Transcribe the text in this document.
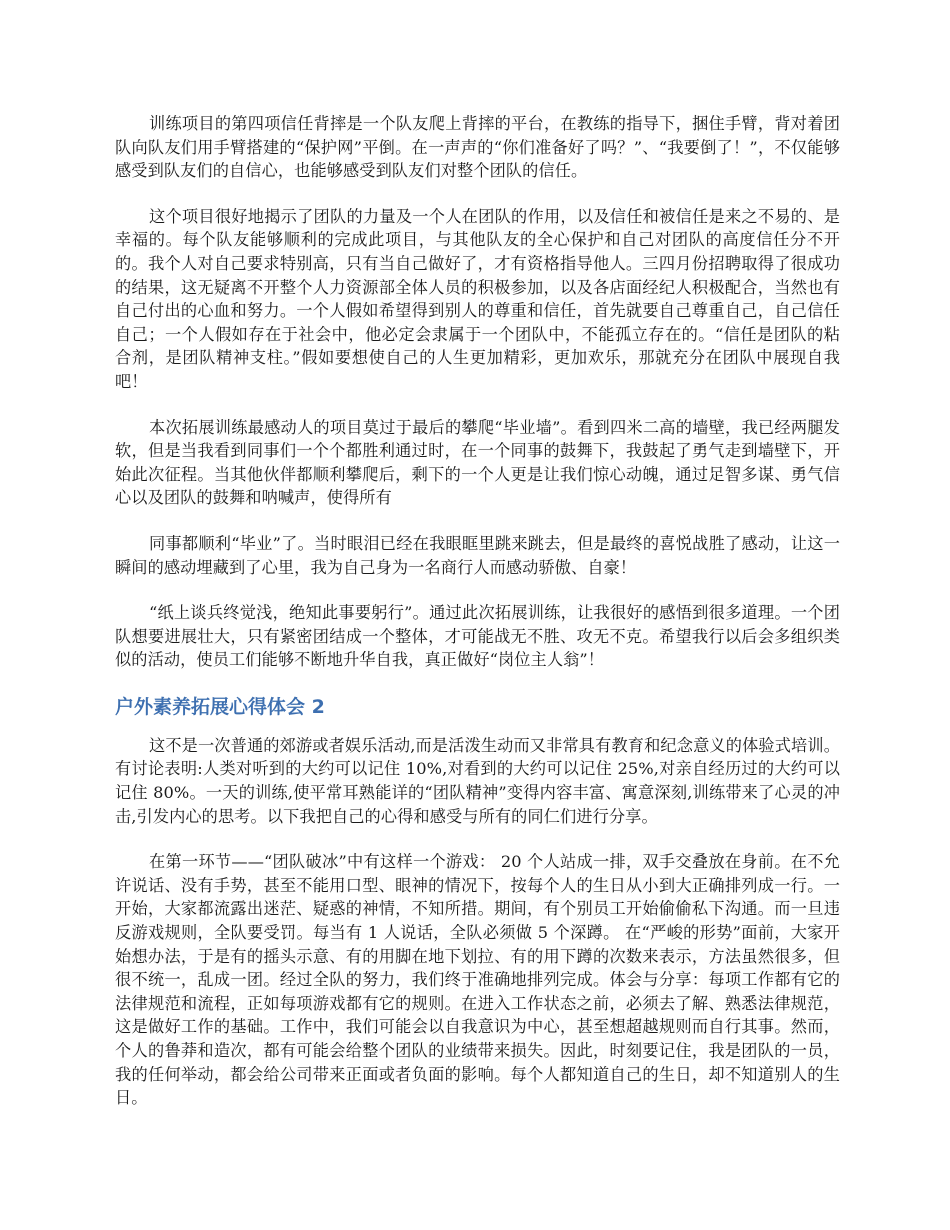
训练项目的第四项信任背摔是一个队友爬上背摔的平台，在教练的指导下，捆住手臂，背对着团队向队友们用手臂搭建的“保护网”平倒。在一声声的“你们准备好了吗？”、“我要倒了！”，不仅能够感受到队友们的自信心，也能够感受到队友们对整个团队的信任。

这个项目很好地揭示了团队的力量及一个人在团队的作用，以及信任和被信任是来之不易的、是幸福的。每个队友能够顺利的完成此项目，与其他队友的全心保护和自己对团队的高度信任分不开的。我个人对自己要求特别高，只有当自己做好了，才有资格指导他人。三四月份招聘取得了很成功的结果，这无疑离不开整个人力资源部全体人员的积极参加，以及各店面经纪人积极配合，当然也有自己付出的心血和努力。一个人假如希望得到别人的尊重和信任，首先就要自己尊重自己，自己信任自己；一个人假如存在于社会中，他必定会隶属于一个团队中，不能孤立存在的。“信任是团队的粘合剂，是团队精神支柱。”假如要想使自己的人生更加精彩，更加欢乐，那就充分在团队中展现自我吧！

本次拓展训练最感动人的项目莫过于最后的攀爬“毕业墙”。看到四米二高的墙壁，我已经两腿发软，但是当我看到同事们一个个都胜利通过时，在一个同事的鼓舞下，我鼓起了勇气走到墙壁下，开始此次征程。当其他伙伴都顺利攀爬后，剩下的一个人更是让我们惊心动魄，通过足智多谋、勇气信心以及团队的鼓舞和呐喊声，使得所有

同事都顺利“毕业”了。当时眼泪已经在我眼眶里跳来跳去，但是最终的喜悦战胜了感动，让这一瞬间的感动埋藏到了心里，我为自己身为一名商行人而感动骄傲、自豪！

“纸上谈兵终觉浅，绝知此事要躬行”。通过此次拓展训练，让我很好的感悟到很多道理。一个团队想要进展壮大，只有紧密团结成一个整体，才可能战无不胜、攻无不克。希望我行以后会多组织类似的活动，使员工们能够不断地升华自我，真正做好“岗位主人翁”！

户外素养拓展心得体会 2

这不是一次普通的郊游或者娱乐活动,而是活泼生动而又非常具有教育和纪念意义的体验式培训。有讨论表明:人类对听到的大约可以记住 10%,对看到的大约可以记住 25%,对亲自经历过的大约可以记住 80%。一天的训练,使平常耳熟能详的“团队精神”变得内容丰富、寓意深刻,训练带来了心灵的冲击,引发内心的思考。以下我把自己的心得和感受与所有的同仁们进行分享。

在第一环节——“团队破冰”中有这样一个游戏： 20 个人站成一排，双手交叠放在身前。在不允许说话、没有手势，甚至不能用口型、眼神的情况下，按每个人的生日从小到大正确排列成一行。一开始，大家都流露出迷茫、疑惑的神情，不知所措。期间，有个别员工开始偷偷私下沟通。而一旦违反游戏规则，全队要受罚。每当有 1 人说话，全队必须做 5 个深蹲。 在“严峻的形势”面前，大家开始想办法，于是有的摇头示意、有的用脚在地下划拉、有的用下蹲的次数来表示，方法虽然很多，但很不统一，乱成一团。经过全队的努力，我们终于准确地排列完成。体会与分享：每项工作都有它的法律规范和流程，正如每项游戏都有它的规则。在进入工作状态之前，必须去了解、熟悉法律规范，这是做好工作的基础。工作中，我们可能会以自我意识为中心，甚至想超越规则而自行其事。然而，个人的鲁莽和造次，都有可能会给整个团队的业绩带来损失。因此，时刻要记住，我是团队的一员，我的任何举动，都会给公司带来正面或者负面的影响。每个人都知道自己的生日，却不知道别人的生日。
